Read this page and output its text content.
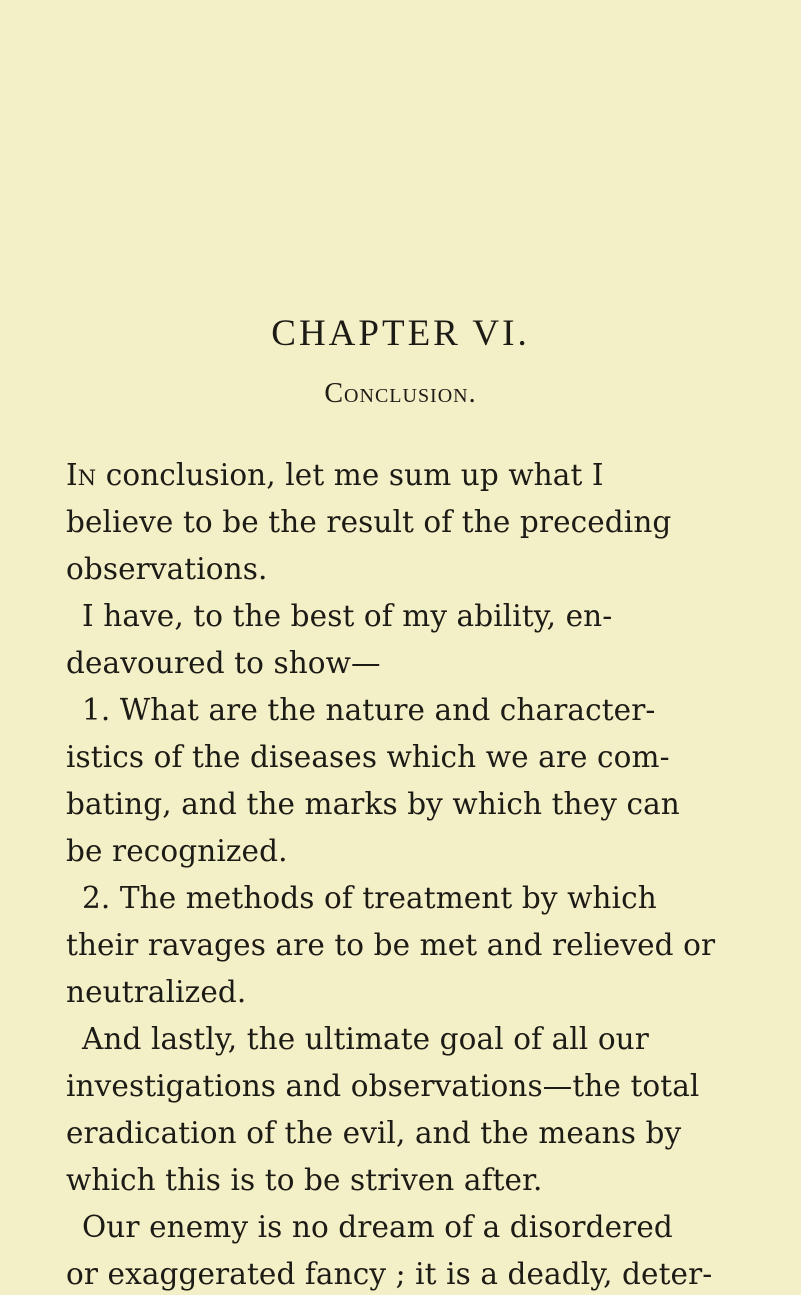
CHAPTER VI.
Conclusion.
In conclusion, let me sum up what I
believe to be the result of the preceding
observations.
I have, to the best of my ability, en-
deavoured to show—
1. What are the nature and character-
istics of the diseases which we are com-
bating, and the marks by which they can
be recognized.
2. The methods of treatment by which
their ravages are to be met and relieved or
neutralized.
And lastly, the ultimate goal of all our
investigations and observations—the total
eradication of the evil, and the means by
which this is to be striven after.
Our enemy is no dream of a disordered
or exaggerated fancy ; it is a deadly, deter-
